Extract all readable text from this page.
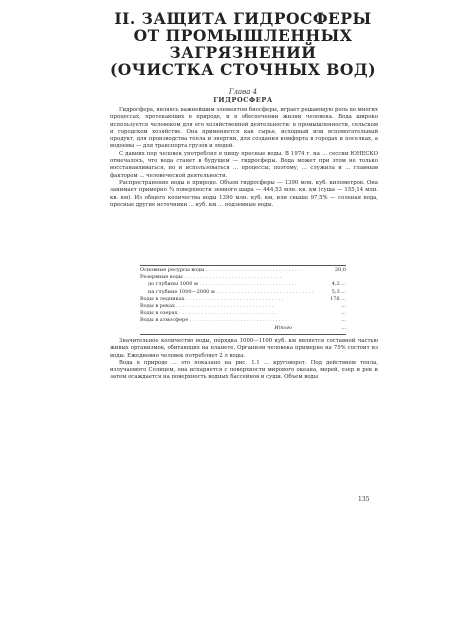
II. ЗАЩИТА ГИДРОСФЕРЫ
ОТ ПРОМЫШЛЕННЫХ
ЗАГРЯЗНЕНИЙ
(ОЧИСТКА СТОЧНЫХ ВОД)
Глава 4
ГИДРОСФЕРА

Гидросфера, являясь важнейшим элементом биосферы, играет решающую роль во многих процессах, протекающих в природе, и в обеспечении жизни человека. Вода широко используется человеком для его хозяйственной деятельности: в промышленности, сельском и городском хозяйстве. Она применяется как сырье, исходный или вспомогательный продукт, для производства тепла и энергии, для создания комфорта в городах и поселках, а водоемы — для транспорта грузов и людей.

С давних пор человек употреблял в пищу пресные воды. В 1974 г. на ... сессии ЮНЕСКО отмечалось, что вода станет в будущем — гидросферы. Вода может при этом не только восстанавливаться, но и использоваться ... процессы; поэтому, ... служила и ... главным фактором ... человеческой деятельности.

Распространение воды в природе. Объем гидросферы — 1390 млн. куб. километров. Она занимает примерно ¾ поверхности земного шара — 444,53 млн. кв. км (суша — 155,14 млн. кв. км). Из общего количества воды 1390 млн. куб. км, или свыше 97,5% — соленая вода, пресные другие источники ... куб. км ... подземные воды.

Основные ресурсы воды . . .	20,0
Резервные воды . . .
до глубины 1000 м . . .	4,2 ...
на глубине 1000—2000 м . . .	5,3 ...
Воды в ледниках . . .	176 ...
Воды в реках . . .	...
Воды в озерах . . .	...
Воды в атмосфере . . .	...
Итого	...

Значительное количество воды, порядка 1000—1100 куб. км является составной частью живых организмов, обитающих на планете. Организм человека примерно на 75% состоит из воды. Ежедневно человек потребляет 2 л воды.

Вода в природе ... это показано на рис. 1.1 ... круговорот. Под действием тепла, излучаемого Солнцем, она испаряется с поверхности мирового океана, морей, озер и рек и затем осаждается на поверхность водных бассейнов и суши. Объем воды

135
